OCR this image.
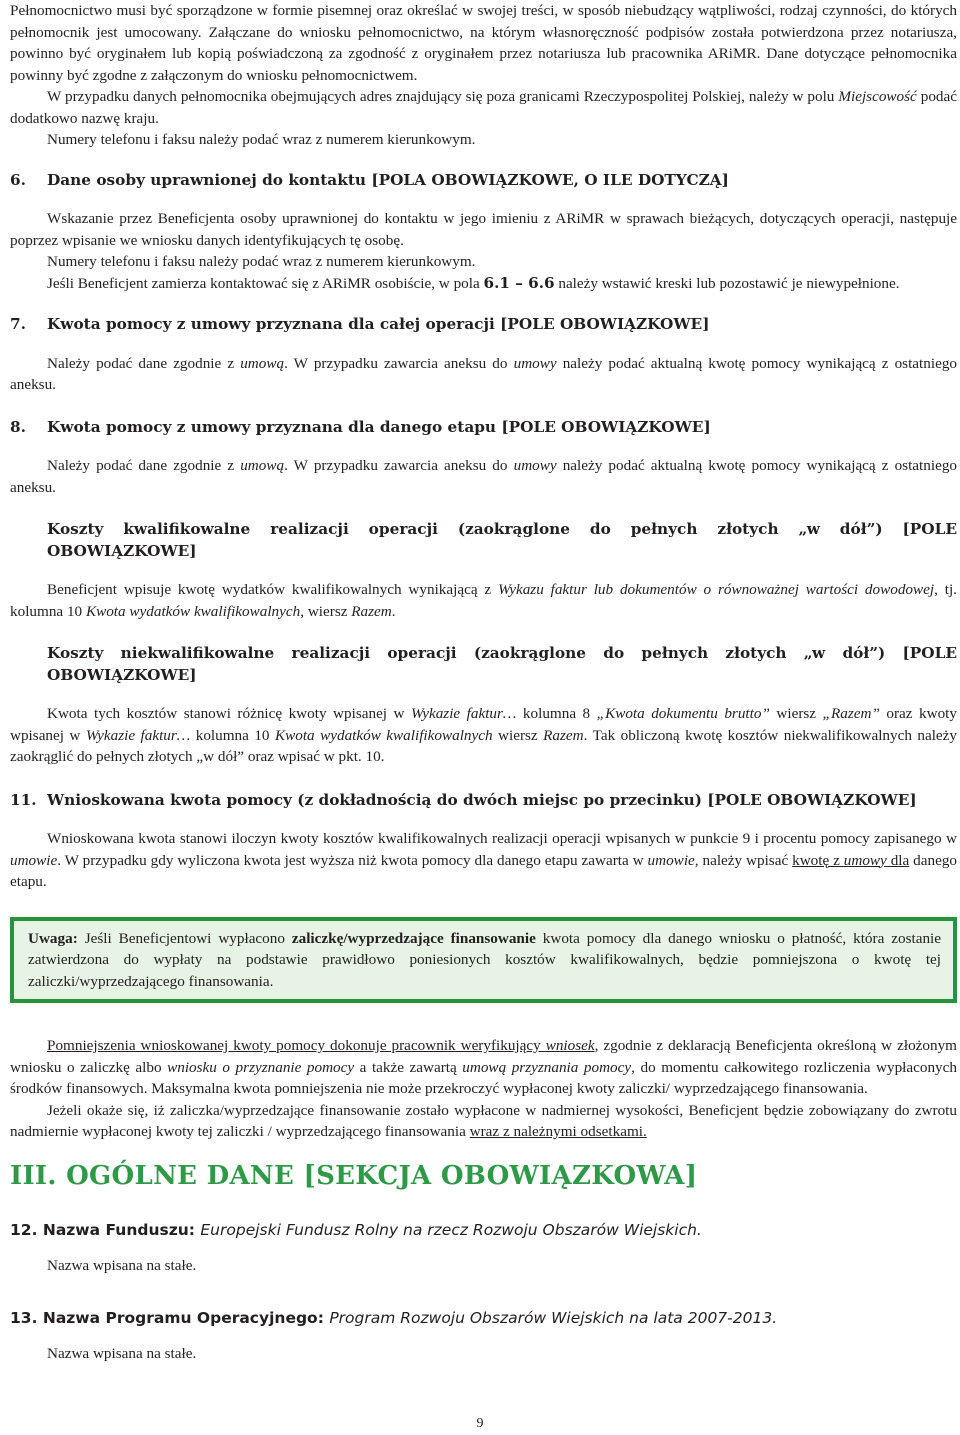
Pełnomocnictwo musi być sporządzone w formie pisemnej oraz określać w swojej treści, w sposób niebudzący wątpliwości, rodzaj czynności, do których pełnomocnik jest umocowany. Załączane do wniosku pełnomocnictwo, na którym własnoręczność podpisów została potwierdzona przez notariusza, powinno być oryginałem lub kopią poświadczoną za zgodność z oryginałem przez notariusza lub pracownika ARiMR. Dane dotyczące pełnomocnika powinny być zgodne z załączonym do wniosku pełnomocnictwem.

W przypadku danych pełnomocnika obejmujących adres znajdujący się poza granicami Rzeczypospolitej Polskiej, należy w polu Miejscowość podać dodatkowo nazwę kraju.

Numery telefonu i faksu należy podać wraz z numerem kierunkowym.

6. Dane osoby uprawnionej do kontaktu [POLA OBOWIĄZKOWE, O ILE DOTYCZĄ]

Wskazanie przez Beneficjenta osoby uprawnionej do kontaktu w jego imieniu z ARiMR w sprawach bieżących, dotyczących operacji, następuje poprzez wpisanie we wniosku danych identyfikujących tę osobę.

Numery telefonu i faksu należy podać wraz z numerem kierunkowym.

Jeśli Beneficjent zamierza kontaktować się z ARiMR osobiście, w pola 6.1 – 6.6 należy wstawić kreski lub pozostawić je niewypełnione.

7. Kwota pomocy z umowy przyznana dla całej operacji [POLE OBOWIĄZKOWE]

Należy podać dane zgodnie z umową. W przypadku zawarcia aneksu do umowy należy podać aktualną kwotę pomocy wynikającą z ostatniego aneksu.

8. Kwota pomocy z umowy przyznana dla danego etapu [POLE OBOWIĄZKOWE]

Należy podać dane zgodnie z umową. W przypadku zawarcia aneksu do umowy należy podać aktualną kwotę pomocy wynikającą z ostatniego aneksu.

Koszty kwalifikowalne realizacji operacji (zaokrąglone do pełnych złotych „w dół”) [POLE OBOWIĄZKOWE]

Beneficjent wpisuje kwotę wydatków kwalifikowalnych wynikającą z Wykazu faktur lub dokumentów o równoważnej wartości dowodowej, tj. kolumna 10 Kwota wydatków kwalifikowalnych, wiersz Razem.

Koszty niekwalifikowalne realizacji operacji (zaokrąglone do pełnych złotych „w dół”) [POLE OBOWIĄZKOWE]

Kwota tych kosztów stanowi różnicę kwoty wpisanej w Wykazie faktur… kolumna 8 „Kwota dokumentu brutto” wiersz „Razem” oraz kwoty wpisanej w Wykazie faktur… kolumna 10 Kwota wydatków kwalifikowalnych wiersz Razem. Tak obliczoną kwotę kosztów niekwalifikowalnych należy zaokrąglić do pełnych złotych „w dół” oraz wpisać w pkt. 10.

11. Wnioskowana kwota pomocy (z dokładnością do dwóch miejsc po przecinku) [POLE OBOWIĄZKOWE]

Wnioskowana kwota stanowi iloczyn kwoty kosztów kwalifikowalnych realizacji operacji wpisanych w punkcie 9 i procentu pomocy zapisanego w umowie. W przypadku gdy wyliczona kwota jest wyższa niż kwota pomocy dla danego etapu zawarta w umowie, należy wpisać kwotę z umowy dla danego etapu.

Uwaga: Jeśli Beneficjentowi wypłacono zaliczkę/wyprzedzające finansowanie kwota pomocy dla danego wniosku o płatność, która zostanie zatwierdzona do wypłaty na podstawie prawidłowo poniesionych kosztów kwalifikowalnych, będzie pomniejszona o kwotę tej zaliczki/wyprzedzającego finansowania.

Pomniejszenia wnioskowanej kwoty pomocy dokonuje pracownik weryfikujący wniosek, zgodnie z deklaracją Beneficjenta określoną w złożonym wniosku o zaliczkę albo wniosku o przyznanie pomocy a także zawartą umową przyznania pomocy, do momentu całkowitego rozliczenia wypłaconych środków finansowych. Maksymalna kwota pomniejszenia nie może przekroczyć wypłaconej kwoty zaliczki/ wyprzedzającego finansowania.

Jeżeli okaże się, iż zaliczka/wyprzedzające finansowanie zostało wypłacone w nadmiernej wysokości, Beneficjent będzie zobowiązany do zwrotu nadmiernie wypłaconej kwoty tej zaliczki / wyprzedzającego finansowania wraz z należnymi odsetkami.

III. OGÓLNE DANE [SEKCJA OBOWIĄZKOWA]
12. Nazwa Funduszu: Europejski Fundusz Rolny na rzecz Rozwoju Obszarów Wiejskich.

Nazwa wpisana na stałe.

13. Nazwa Programu Operacyjnego: Program Rozwoju Obszarów Wiejskich na lata 2007-2013.

Nazwa wpisana na stałe.

9
